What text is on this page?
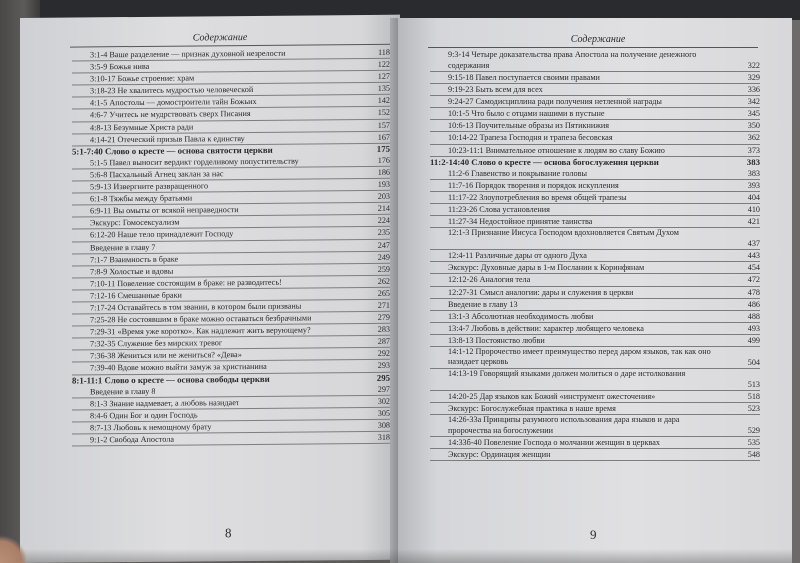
Содержание
3:1-4 Ваше разделение — признак духовной незрелости	118
3:5-9 Божья нива	122
3:10-17 Божье строение: храм	127
3:18-23 Не хвалитесь мудростью человеческой	135
4:1-5 Апостолы — домостроители тайн Божьих	142
4:6-7 Учитесь не мудрствовать сверх Писания	152
4:8-13 Безумные Христа ради	157
4:14-21 Отеческий призыв Павла к единству	167
5:1-7:40 Слово о кресте — основа святости церкви	175
5:1-5 Павел выносит вердикт горделивому попустительству	176
5:6-8 Пасхальный Агнец заклан за нас	186
5:9-13 Извергните развращенного	193
6:1-8 Тяжбы между братьями	203
6:9-11 Вы омыты от всякой неправедности	214
Экскурс: Гомосексуализм	224
6:12-20 Наше тело принадлежит Господу	235
Введение в главу 7	247
7:1-7 Взаимность в браке	249
7:8-9 Холостые и вдовы	259
7:10-11 Повеление состоящим в браке: не разводитесь!	262
7:12-16 Смешанные браки	265
7:17-24 Оставайтесь в том звании, в котором были призваны	271
7:25-28 Не состоявшим в браке можно оставаться безбрачными	279
7:29-31 «Время уже коротко». Как надлежит жить верующему?	283
7:32-35 Служение без мирских тревог	287
7:36-38 Жениться или не жениться? «Дева»	292
7:39-40 Вдове можно выйти замуж за христианина	293
8:1-11:1 Слово о кресте — основа свободы церкви	295
Введение в главу 8	297
8:1-3 Знание надмевает, а любовь назидает	302
8:4-6 Один Бог и один Господь	305
8:7-13 Любовь к немощному брату	308
9:1-2 Свобода Апостола	318
8
Содержание
9:3-14 Четыре доказательства права Апостола на получение денежного содержания	322
9:15-18 Павел поступается своими правами	329
9:19-23 Быть всем для всех	336
9:24-27 Самодисциплина ради получения нетленной награды	342
10:1-5 Что было с отцами нашими в пустыне	345
10:6-13 Поучительные образы из Пятикнижия	350
10:14-22 Трапеза Господня и трапеза бесовская	362
10:23-11:1 Внимательное отношение к людям во славу Божию	373
11:2-14:40 Слово о кресте — основа богослужения церкви	383
11:2-6 Главенство и покрывание головы	383
11:7-16 Порядок творения и порядок искупления	393
11:17-22 Злоупотребления во время общей трапезы	404
11:23-26 Слова установления	410
11:27-34 Недостойное принятие таинства	421
12:1-3 Признание Иисуса Господом вдохновляется Святым Духом
437
12:4-11 Различные дары от одного Духа	443
Экскурс: Духовные дары в 1-м Послании к Коринфянам	454
12:12-26 Аналогия тела	472
12:27-31 Смысл аналогии: дары и служения в церкви	478
Введение в главу 13	486
13:1-3 Абсолютная необходимость любви	488
13:4-7 Любовь в действии: характер любящего человека	493
13:8-13 Постоянство любви	499
14:1-12 Пророчество имеет преимущество перед даром языков, так как оно назидает церковь	504
14:13-19 Говорящий языками должен молиться о даре истолкования
513
14:20-25 Дар языков как Божий «инструмент ожесточения»	518
Экскурс: Богослужебная практика в наше время	523
14:26-33а Принципы разумного использования дара языков и дара пророчества на богослужении	529
14:33б-40 Повеление Господа о молчании женщин в церквах	535
Экскурс: Ординация женщин	548
9
